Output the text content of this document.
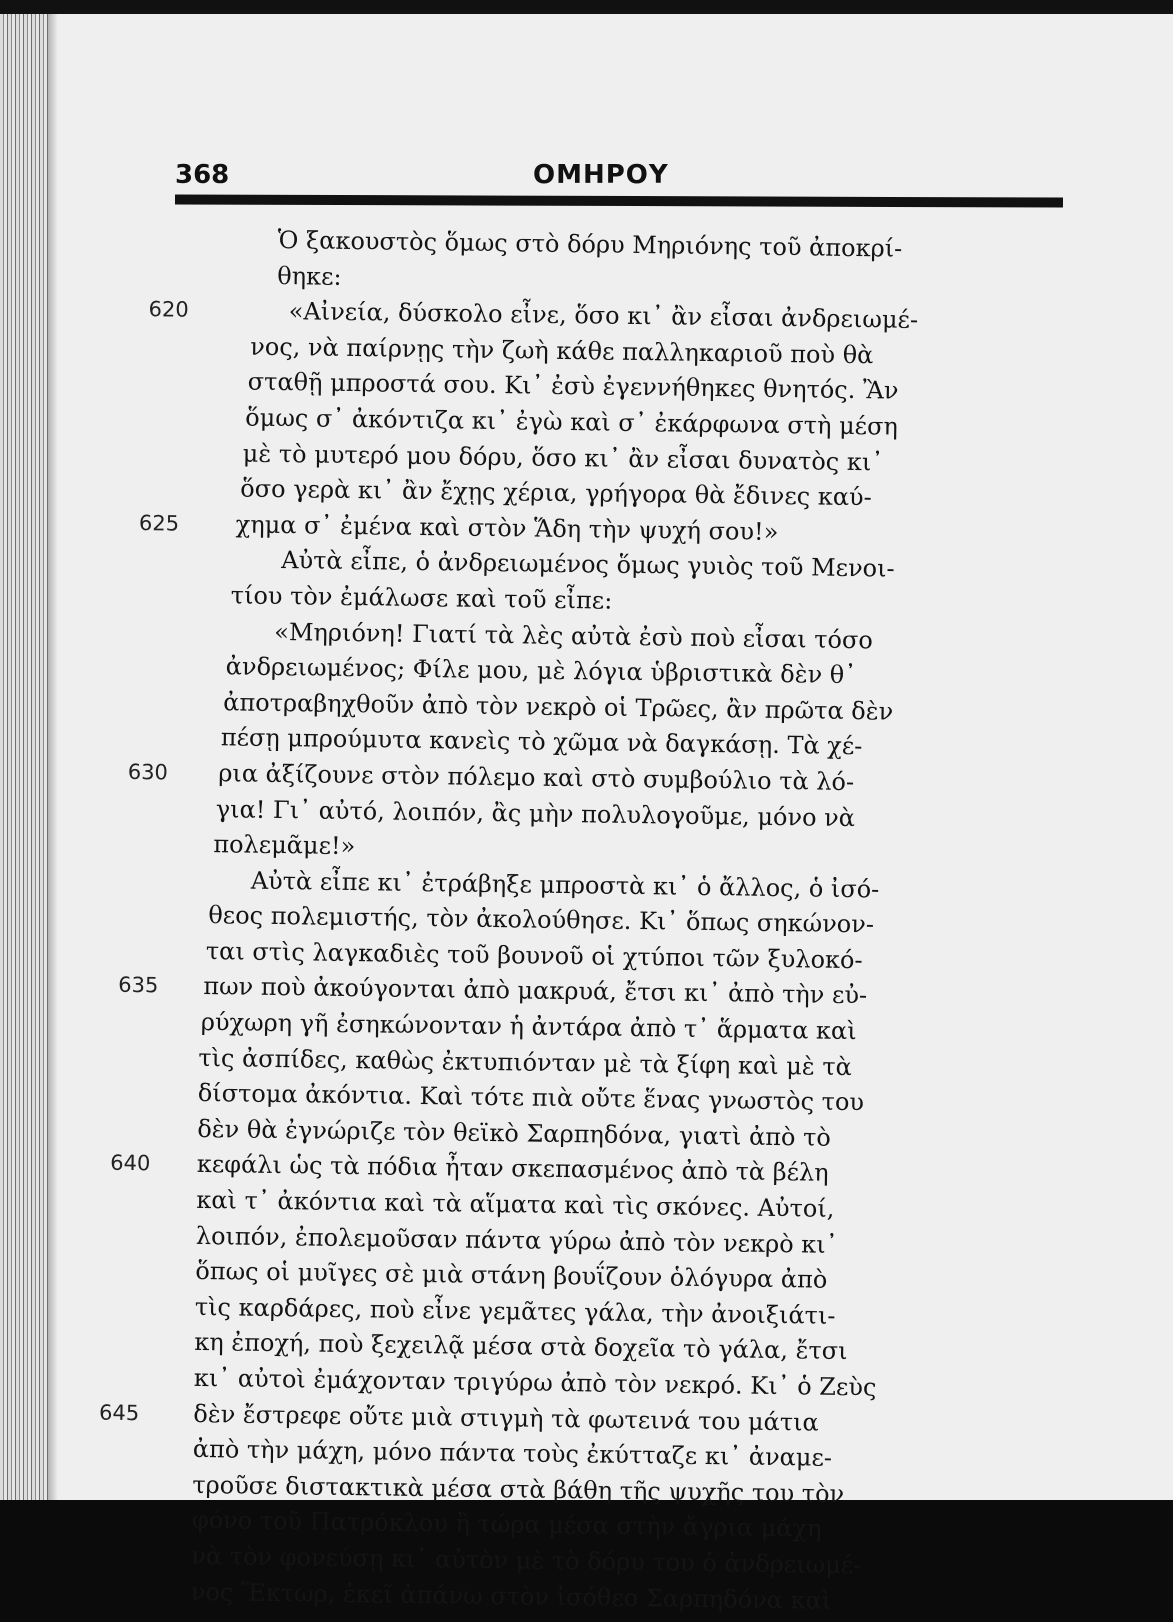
368	ΟΜΗΡΟΥ
Ὁ ξακουστὸς ὅμως στὸ δόρυ Μηριόνης τοῦ ἀποκρί-
θηκε:
620	«Αἰνεία, δύσκολο εἶνε, ὅσο κι᾽ ἂν εἶσαι ἀνδρειωμέ-
νος, νὰ παίρνῃς τὴν ζωὴ κάθε παλληκαριοῦ ποὺ θὰ
σταθῇ μπροστά σου. Κι᾽ ἐσὺ ἐγεννήθηκες θνητός. Ἂν
ὅμως σ᾽ ἀκόντιζα κι᾽ ἐγὼ καὶ σ᾽ ἐκάρφωνα στὴ μέση
μὲ τὸ μυτερό μου δόρυ, ὅσο κι᾽ ἂν εἶσαι δυνατὸς κι᾽
ὅσο γερὰ κι᾽ ἂν ἔχῃς χέρια, γρήγορα θὰ ἔδινες καύ-
625 χημα σ᾽ ἐμένα καὶ στὸν Ἅδη τὴν ψυχή σου!»
Αὐτὰ εἶπε, ὁ ἀνδρειωμένος ὅμως γυιὸς τοῦ Μενοι-
τίου τὸν ἐμάλωσε καὶ τοῦ εἶπε:
«Μηριόνη! Γιατί τὰ λὲς αὐτὰ ἐσὺ ποὺ εἶσαι τόσο
ἀνδρειωμένος; Φίλε μου, μὲ λόγια ὑβριστικὰ δὲν θ᾽
ἀποτραβηχθοῦν ἀπὸ τὸν νεκρὸ οἱ Τρῶες, ἂν πρῶτα δὲν
πέσῃ μπρούμυτα κανεὶς τὸ χῶμα νὰ δαγκάσῃ. Τὰ χέ-
630 ρια ἀξίζουνε στὸν πόλεμο καὶ στὸ συμβούλιο τὰ λό-
για! Γι᾽ αὐτό, λοιπόν, ἂς μὴν πολυλογοῦμε, μόνο νὰ
πολεμᾶμε!»
Αὐτὰ εἶπε κι᾽ ἐτράβηξε μπροστὰ κι᾽ ὁ ἄλλος, ὁ ἰσό-
θεος πολεμιστής, τὸν ἀκολούθησε. Κι᾽ ὅπως σηκώνον-
ται στὶς λαγκαδιὲς τοῦ βουνοῦ οἱ χτύποι τῶν ξυλοκό-
635 πων ποὺ ἀκούγονται ἀπὸ μακρυά, ἔτσι κι᾽ ἀπὸ τὴν εὐ-
ρύχωρη γῆ ἐσηκώνονταν ἡ ἀντάρα ἀπὸ τ᾽ ἅρματα καὶ
τὶς ἀσπίδες, καθὼς ἐκτυπιόνταν μὲ τὰ ξίφη καὶ μὲ τὰ
δίστομα ἀκόντια. Καὶ τότε πιὰ οὔτε ἕνας γνωστὸς του
δὲν θὰ ἐγνώριζε τὸν θεϊκὸ Σαρπηδόνα, γιατὶ ἀπὸ τὸ
640 κεφάλι ὡς τὰ πόδια ἦταν σκεπασμένος ἀπὸ τὰ βέλη
καὶ τ᾽ ἀκόντια καὶ τὰ αἵματα καὶ τὶς σκόνες. Αὐτοί,
λοιπόν, ἐπολεμοῦσαν πάντα γύρω ἀπὸ τὸν νεκρὸ κι᾽
ὅπως οἱ μυῖγες σὲ μιὰ στάνη βουΐζουν ὁλόγυρα ἀπὸ
τὶς καρδάρες, ποὺ εἶνε γεμᾶτες γάλα, τὴν ἀνοιξιάτι-
κη ἐποχή, ποὺ ξεχειλᾷ μέσα στὰ δοχεῖα τὸ γάλα, ἔτσι
κι᾽ αὐτοὶ ἐμάχονταν τριγύρω ἀπὸ τὸν νεκρό. Κι᾽ ὁ Ζεὺς
645 δὲν ἔστρεφε οὔτε μιὰ στιγμὴ τὰ φωτεινά του μάτια
ἀπὸ τὴν μάχη, μόνο πάντα τοὺς ἐκύτταζε κι᾽ ἀναμε-
τροῦσε διστακτικὰ μέσα στὰ βάθη τῆς ψυχῆς του τὸν
φόνο τοῦ Πατρόκλου ἢ τώρα μέσα στὴν ἄγρια μάχη
νὰ τὸν φονεύσῃ κι᾽ αὐτὸν μὲ τὸ δόρυ του ὁ ἀνδρειωμέ-
νος Ἕκτωρ, ἐκεῖ ἀπάνω στὸν ἰσόθεο Σαρπηδόνα καὶ
